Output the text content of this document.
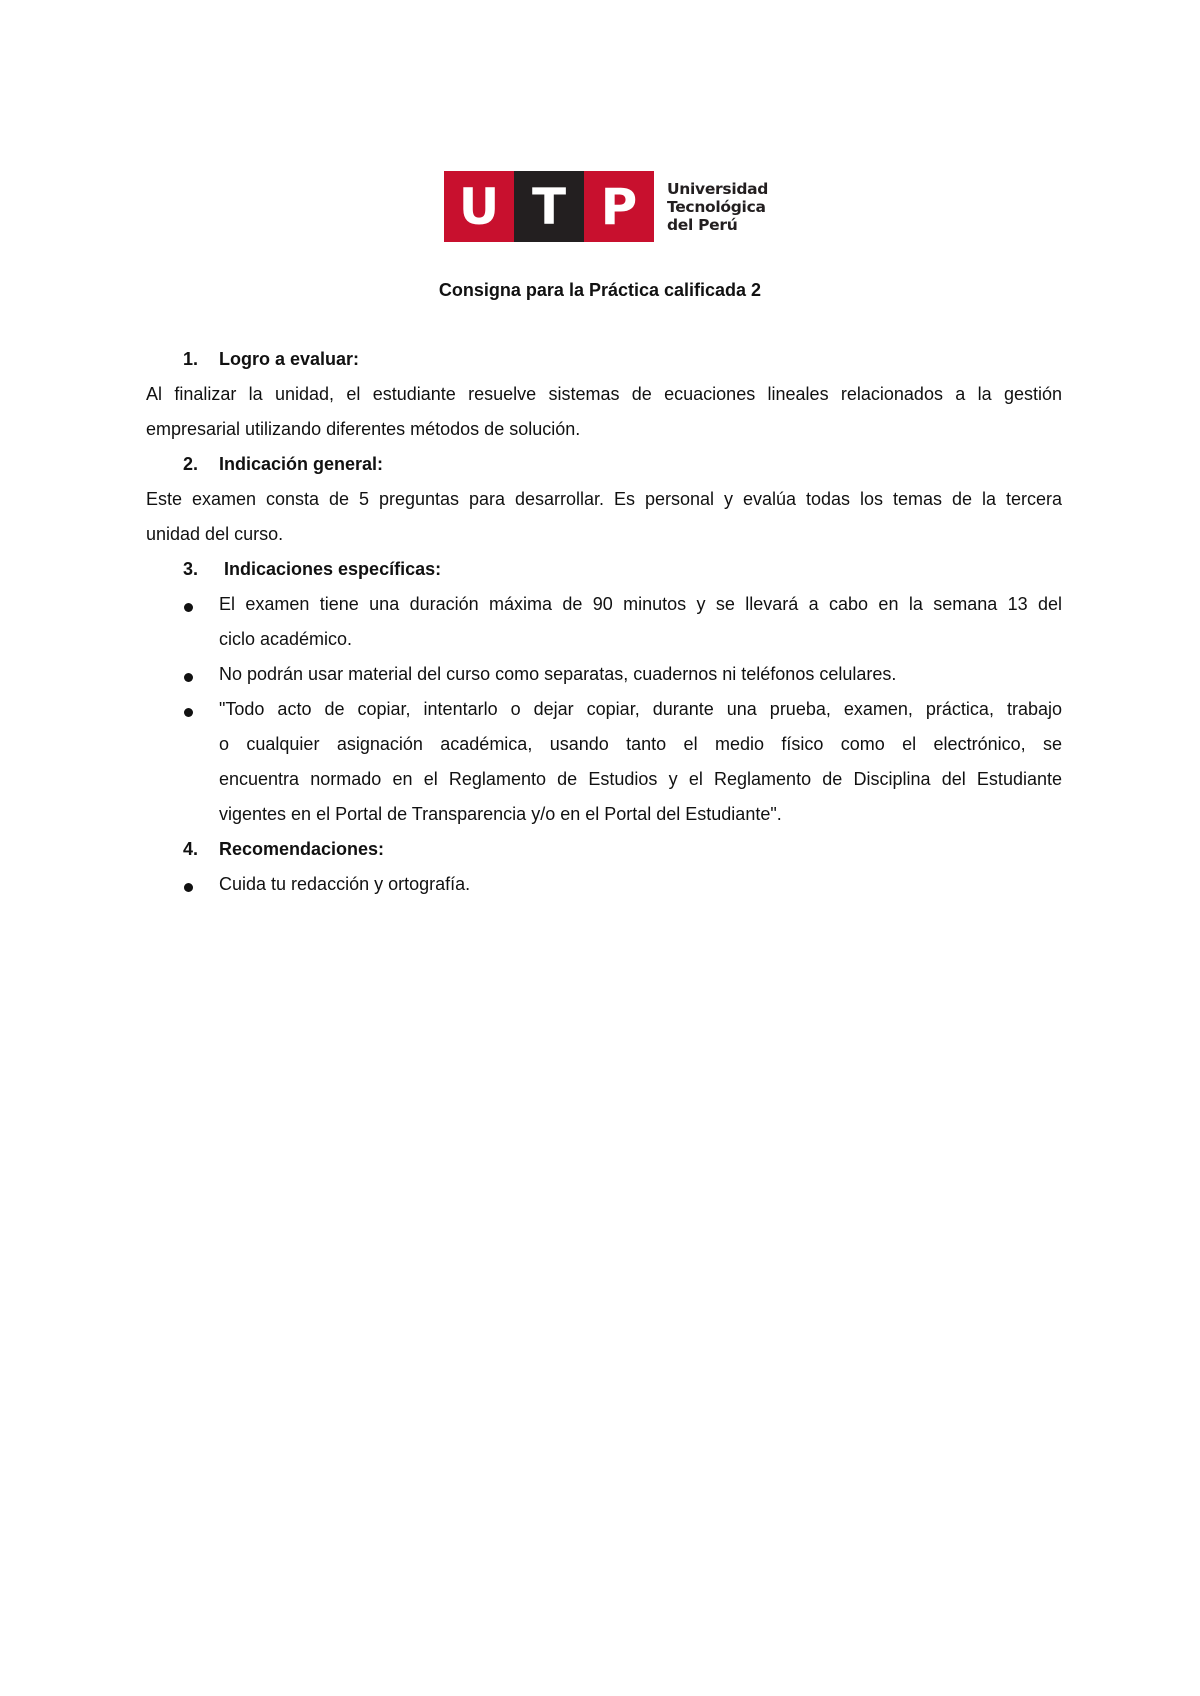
U T P	Universidad
Tecnológica
del Perú
Consigna para la Práctica calificada 2
1. Logro a evaluar:
Al finalizar la unidad, el estudiante resuelve sistemas de ecuaciones lineales relacionados a la gestión
empresarial utilizando diferentes métodos de solución.
2. Indicación general:
Este examen consta de 5 preguntas para desarrollar. Es personal y evalúa todas los temas de la tercera
unidad del curso.
3. Indicaciones específicas:
El examen tiene una duración máxima de 90 minutos y se llevará a cabo en la semana 13 del
ciclo académico.
No podrán usar material del curso como separatas, cuadernos ni teléfonos celulares.
"Todo acto de copiar, intentarlo o dejar copiar, durante una prueba, examen, práctica, trabajo
o cualquier asignación académica, usando tanto el medio físico como el electrónico, se
encuentra normado en el Reglamento de Estudios y el Reglamento de Disciplina del Estudiante
vigentes en el Portal de Transparencia y/o en el Portal del Estudiante".
4. Recomendaciones:
Cuida tu redacción y ortografía.
